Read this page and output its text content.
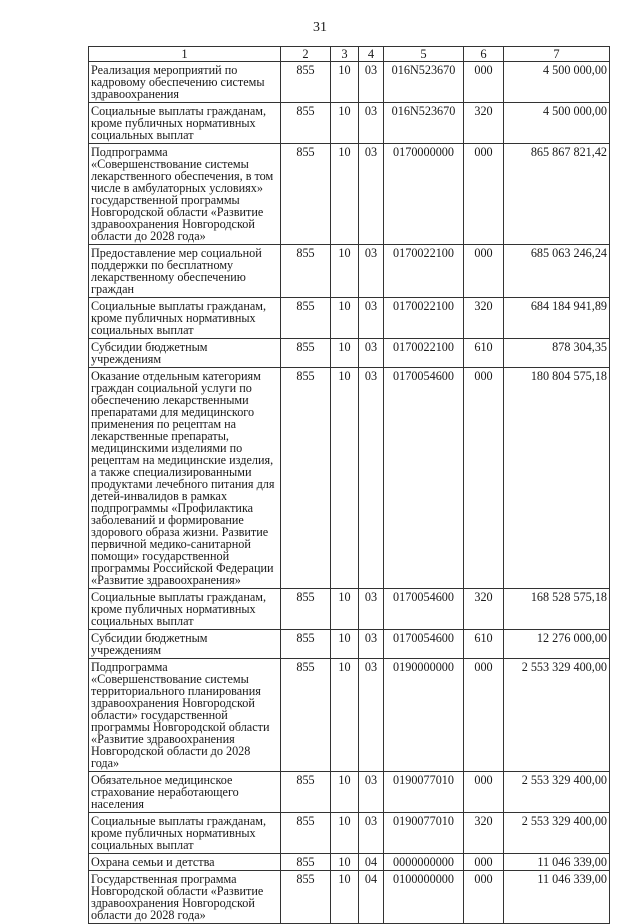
31
1	2	3	4	5	6	7
Реализация мероприятий по кадровому обеспечению системы здравоохранения	855	10	03	016N523670	000	4 500 000,00
Социальные выплаты гражданам, кроме публичных нормативных социальных выплат	855	10	03	016N523670	320	4 500 000,00
Подпрограмма «Совершенствование системы лекарственного обеспечения, в том числе в амбулаторных условиях» государственной программы Новгородской области «Развитие здравоохранения Новгородской области до 2028 года»	855	10	03	0170000000	000	865 867 821,42
Предоставление мер социальной поддержки по бесплатному лекарственному обеспечению граждан	855	10	03	0170022100	000	685 063 246,24
Социальные выплаты гражданам, кроме публичных нормативных социальных выплат	855	10	03	0170022100	320	684 184 941,89
Субсидии бюджетным учреждениям	855	10	03	0170022100	610	878 304,35
Оказание отдельным категориям граждан социальной услуги по обеспечению лекарственными препаратами для медицинского применения по рецептам на лекарственные препараты, медицинскими изделиями по рецептам на медицинские изделия, а также специализированными продуктами лечебного питания для детей-инвалидов в рамках подпрограммы «Профилактика заболеваний и формирование здорового образа жизни. Развитие первичной медико-санитарной помощи» государственной программы Российской Федерации «Развитие здравоохранения»	855	10	03	0170054600	000	180 804 575,18
Социальные выплаты гражданам, кроме публичных нормативных социальных выплат	855	10	03	0170054600	320	168 528 575,18
Субсидии бюджетным учреждениям	855	10	03	0170054600	610	12 276 000,00
Подпрограмма «Совершенствование системы территориального планирования здравоохранения Новгородской области» государственной программы Новгородской области «Развитие здравоохранения Новгородской области до 2028 года»	855	10	03	0190000000	000	2 553 329 400,00
Обязательное медицинское страхование неработающего населения	855	10	03	0190077010	000	2 553 329 400,00
Социальные выплаты гражданам, кроме публичных нормативных социальных выплат	855	10	03	0190077010	320	2 553 329 400,00
Охрана семьи и детства	855	10	04	0000000000	000	11 046 339,00
Государственная программа Новгородской области «Развитие здравоохранения Новгородской области до 2028 года»	855	10	04	0100000000	000	11 046 339,00
